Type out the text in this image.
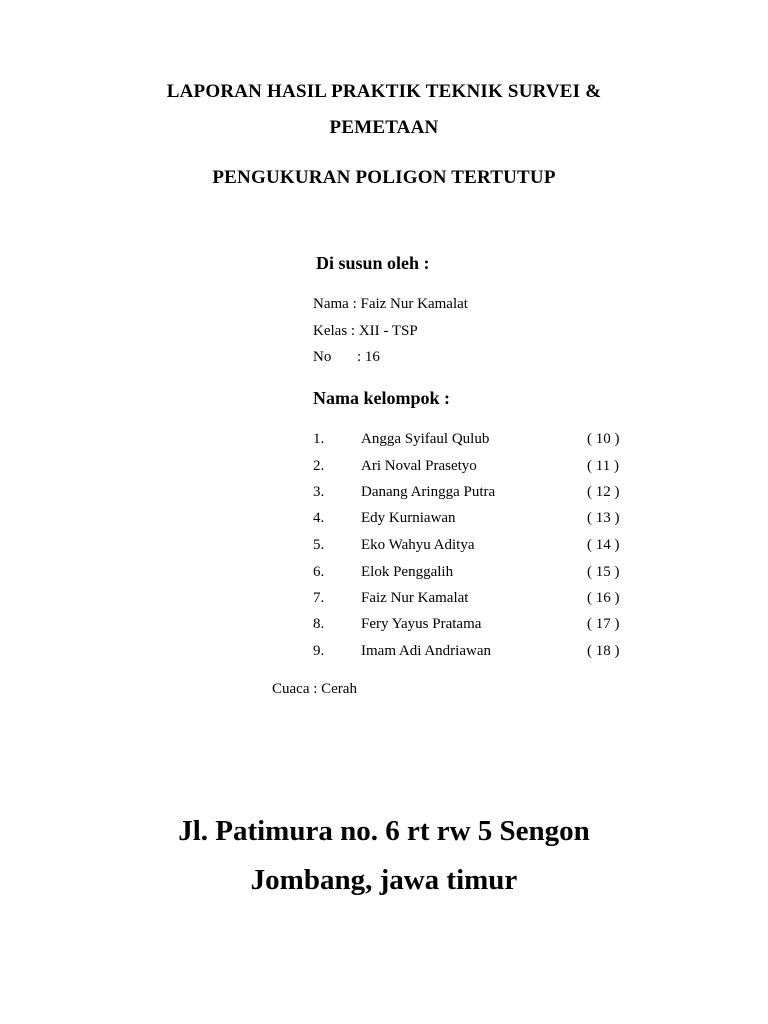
LAPORAN HASIL PRAKTIK TEKNIK SURVEI &
PEMETAAN
PENGUKURAN POLIGON TERTUTUP
Di susun oleh :
Nama : Faiz Nur Kamalat
Kelas : XII - TSP
No : 16
Nama kelompok :
1. Angga Syifaul Qulub	( 10 )
2. Ari Noval Prasetyo	( 11 )
3. Danang Aringga Putra	( 12 )
4. Edy Kurniawan	( 13 )
5. Eko Wahyu Aditya	( 14 )
6. Elok Penggalih	( 15 )
7. Faiz Nur Kamalat	( 16 )
8. Fery Yayus Pratama	( 17 )
9. Imam Adi Andriawan	( 18 )
Cuaca : Cerah
Jl. Patimura no. 6 rt rw 5 Sengon
Jombang, jawa timur
